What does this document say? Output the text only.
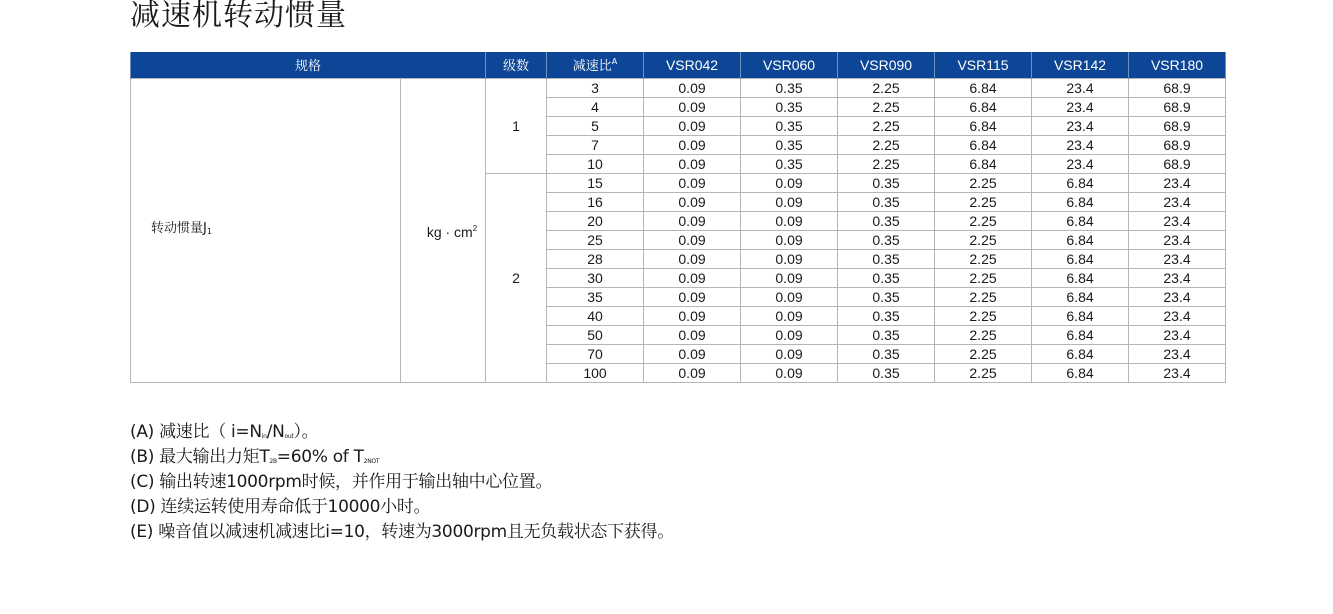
减速机转动惯量
规格		级数	减速比$^A$	VSR042	VSR060	VSR090	VSR115	VSR142	VSR180
转动惯量$J_1$	kg · $cm^2$	1	3	0.09	0.35	2.25	6.84	23.4	68.9
			4	0.09	0.35	2.25	6.84	23.4	68.9
			5	0.09	0.35	2.25	6.84	23.4	68.9
			7	0.09	0.35	2.25	6.84	23.4	68.9
			10	0.09	0.35	2.25	6.84	23.4	68.9
		2	15	0.09	0.09	0.35	2.25	6.84	23.4
			16	0.09	0.09	0.35	2.25	6.84	23.4
			20	0.09	0.09	0.35	2.25	6.84	23.4
			25	0.09	0.09	0.35	2.25	6.84	23.4
			28	0.09	0.09	0.35	2.25	6.84	23.4
			30	0.09	0.09	0.35	2.25	6.84	23.4
			35	0.09	0.09	0.35	2.25	6.84	23.4
			40	0.09	0.09	0.35	2.25	6.84	23.4
			50	0.09	0.09	0.35	2.25	6.84	23.4
			70	0.09	0.09	0.35	2.25	6.84	23.4
			100	0.09	0.09	0.35	2.25	6.84	23.4
(A) 减速比（ $i=N_{in}/N_{out}$）。
(B) 最大输出力矩$T_{2B}=60\%$ of $T_{2NOT}$
(C) 输出转速1000rpm时候，并作用于输出轴中心位置。
(D) 连续运转使用寿命低于10000小时。
(E) 噪音值以减速机减速比i=10，转速为3000rpm且无负载状态下获得。
